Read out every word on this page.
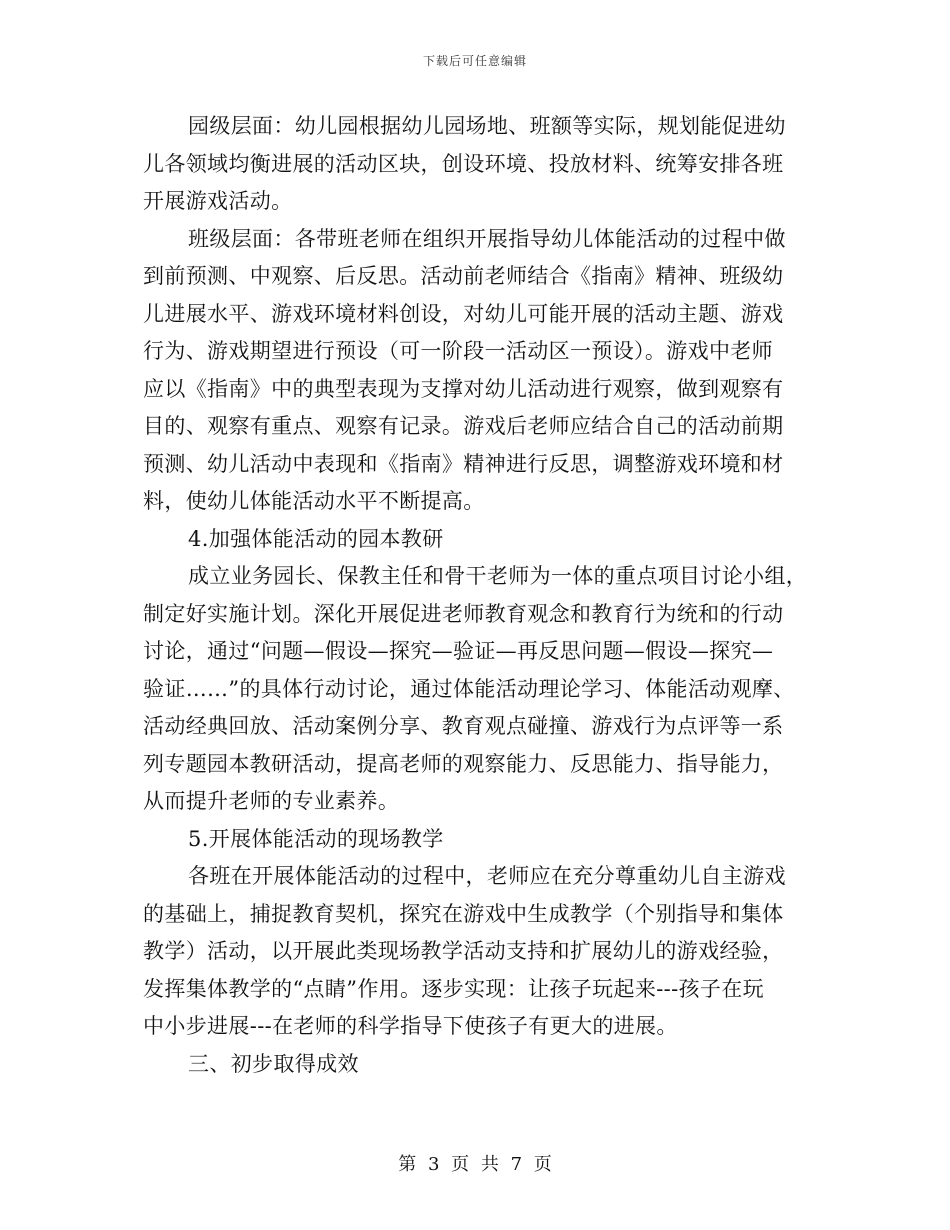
下载后可任意编辑
园级层面：幼儿园根据幼儿园场地、班额等实际，规划能促进幼
儿各领域均衡进展的活动区块，创设环境、投放材料、统筹安排各班
开展游戏活动。
班级层面：各带班老师在组织开展指导幼儿体能活动的过程中做
到前预测、中观察、后反思。活动前老师结合《指南》精神、班级幼
儿进展水平、游戏环境材料创设，对幼儿可能开展的活动主题、游戏
行为、游戏期望进行预设（可一阶段一活动区一预设）。游戏中老师
应以《指南》中的典型表现为支撑对幼儿活动进行观察，做到观察有
目的、观察有重点、观察有记录。游戏后老师应结合自己的活动前期
预测、幼儿活动中表现和《指南》精神进行反思，调整游戏环境和材
料，使幼儿体能活动水平不断提高。
4.加强体能活动的园本教研
成立业务园长、保教主任和骨干老师为一体的重点项目讨论小组，
制定好实施计划。深化开展促进老师教育观念和教育行为统和的行动
讨论，通过“问题—假设—探究—验证—再反思问题—假设—探究—
验证……”的具体行动讨论，通过体能活动理论学习、体能活动观摩、
活动经典回放、活动案例分享、教育观点碰撞、游戏行为点评等一系
列专题园本教研活动，提高老师的观察能力、反思能力、指导能力，
从而提升老师的专业素养。
5.开展体能活动的现场教学
各班在开展体能活动的过程中，老师应在充分尊重幼儿自主游戏
的基础上，捕捉教育契机，探究在游戏中生成教学（个别指导和集体
教学）活动，以开展此类现场教学活动支持和扩展幼儿的游戏经验，
发挥集体教学的“点睛”作用。逐步实现：让孩子玩起来---孩子在玩
中小步进展---在老师的科学指导下使孩子有更大的进展。
三、初步取得成效
第 3 页 共 7 页
